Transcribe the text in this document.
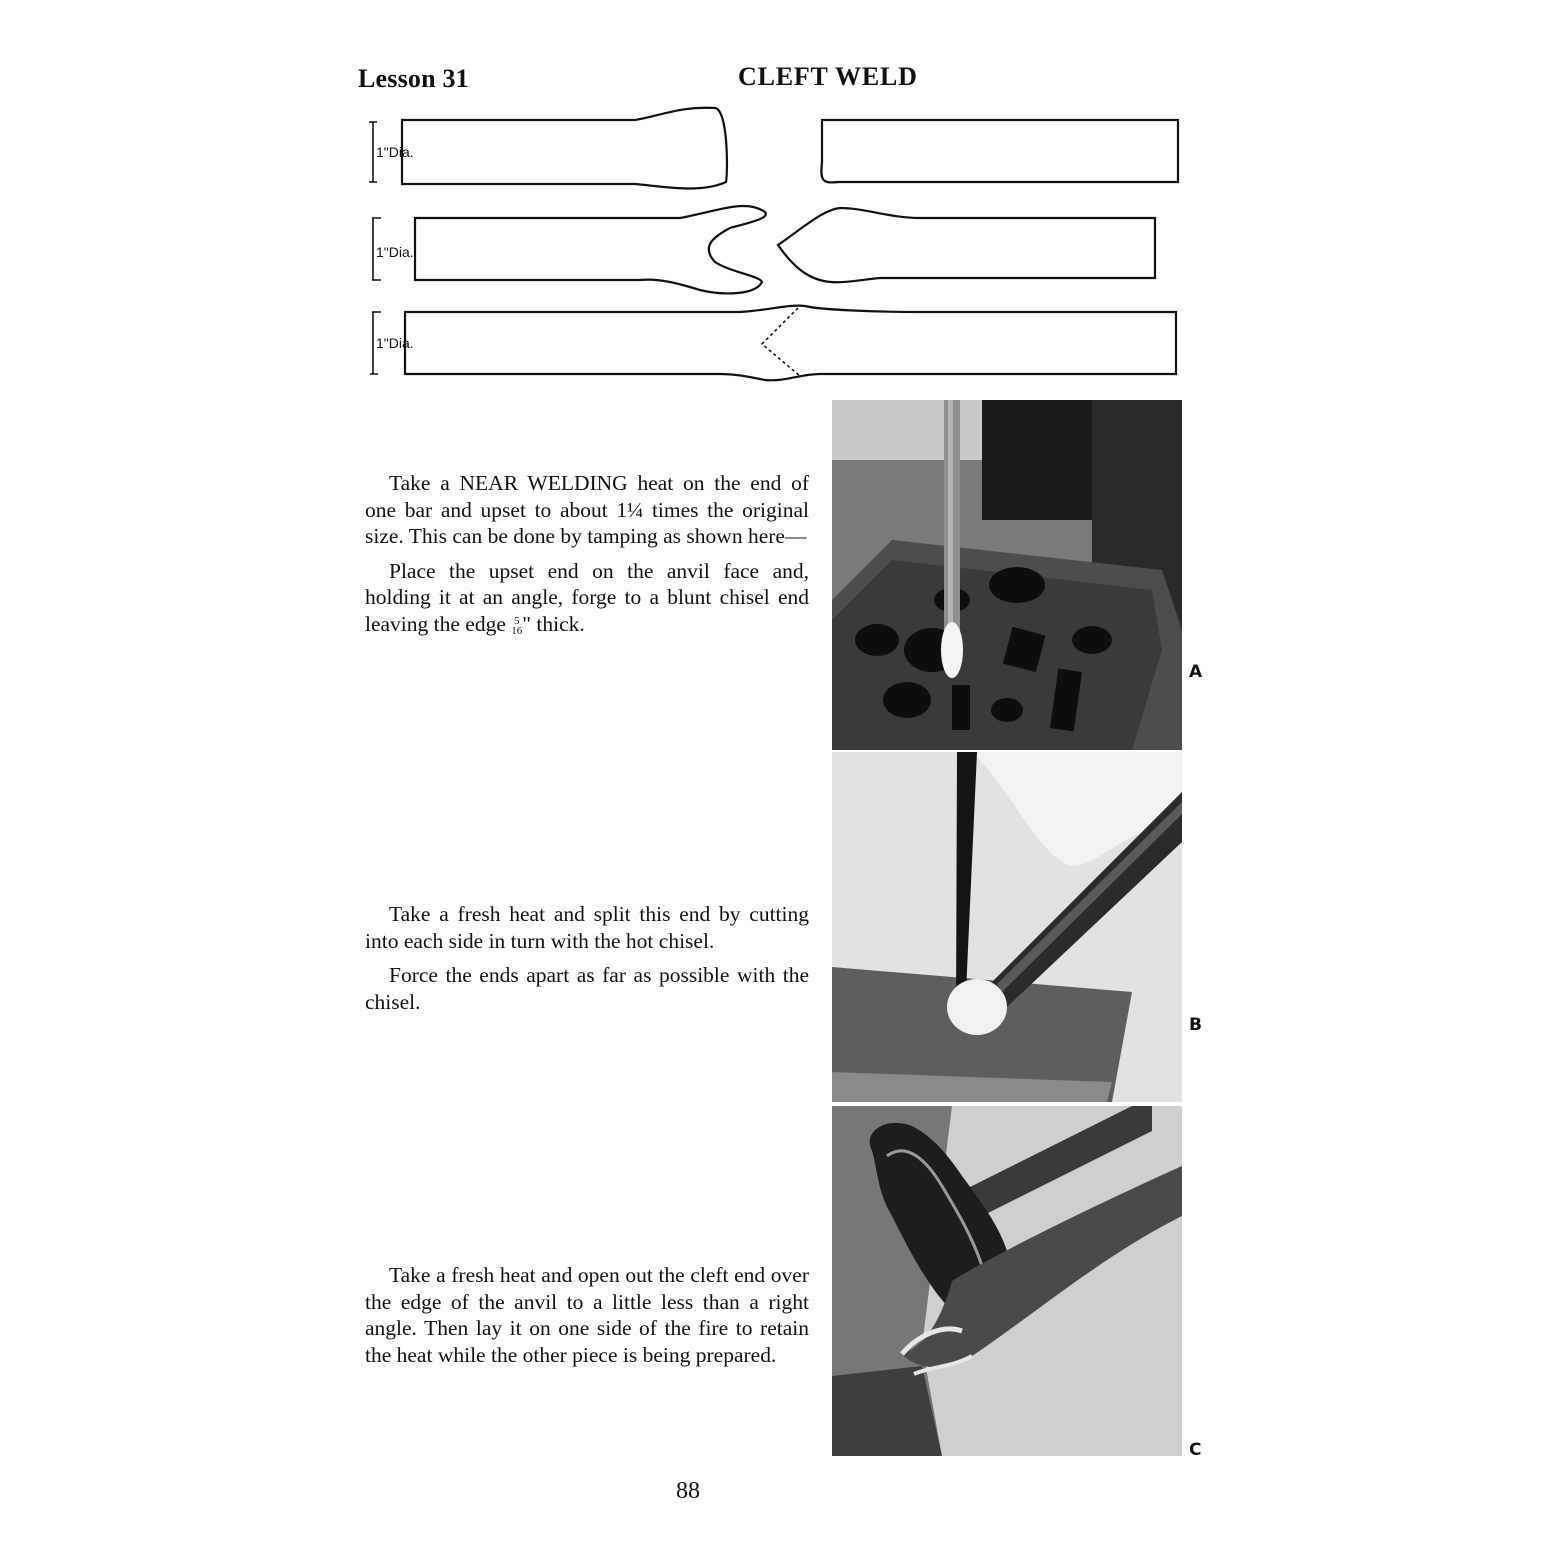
Lesson 31	CLEFT WELD
1"Dia.
1"Dia.
1"Dia.

Take a NEAR WELDING heat on the end of one bar and upset to about 1¼ times the original size. This can be done by tamping as shown here—

Place the upset end on the anvil face and, holding it at an angle, forge to a blunt chisel end leaving the edge 5
16 " thick.

Take a fresh heat and split this end by cutting into each side in turn with the hot chisel.

Force the ends apart as far as possible with the chisel.

Take a fresh heat and open out the cleft end over the edge of the anvil to a little less than a right angle. Then lay it on one side of the fire to retain the heat while the other piece is being prepared.

A
B
C
88
